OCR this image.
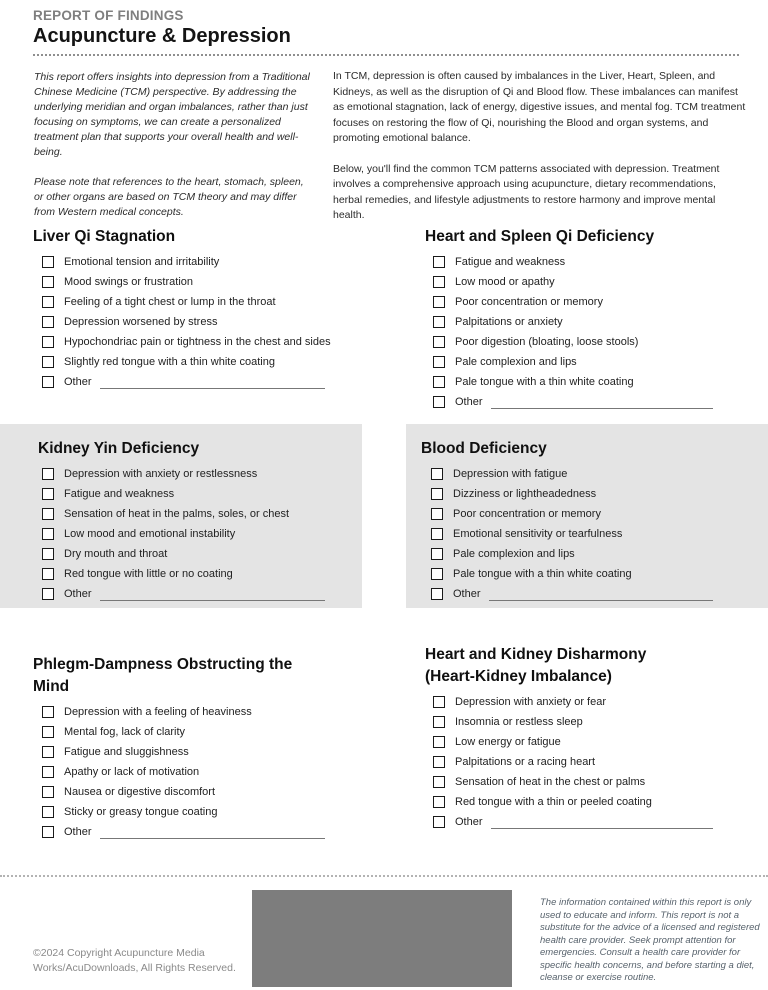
REPORT OF FINDINGS
Acupuncture & Depression

This report offers insights into depression from a Traditional Chinese Medicine (TCM) perspective. By addressing the underlying meridian and organ imbalances, rather than just focusing on symptoms, we can create a personalized treatment plan that supports your overall health and well-being.

Please note that references to the heart, stomach, spleen, or other organs are based on TCM theory and may differ from Western medical concepts.

In TCM, depression is often caused by imbalances in the Liver, Heart, Spleen, and Kidneys, as well as the disruption of Qi and Blood flow. These imbalances can manifest as emotional stagnation, lack of energy, digestive issues, and mental fog. TCM treatment focuses on restoring the flow of Qi, nourishing the Blood and organ systems, and promoting emotional balance.

Below, you'll find the common TCM patterns associated with depression. Treatment involves a comprehensive approach using acupuncture, dietary recommendations, herbal remedies, and lifestyle adjustments to restore harmony and improve mental health.

Liver Qi Stagnation
Emotional tension and irritability
Mood swings or frustration
Feeling of a tight chest or lump in the throat
Depression worsened by stress
Hypochondriac pain or tightness in the chest and sides
Slightly red tongue with a thin white coating
Other
Heart and Spleen Qi Deficiency
Fatigue and weakness
Low mood or apathy
Poor concentration or memory
Palpitations or anxiety
Poor digestion (bloating, loose stools)
Pale complexion and lips
Pale tongue with a thin white coating
Other
Kidney Yin Deficiency
Depression with anxiety or restlessness
Fatigue and weakness
Sensation of heat in the palms, soles, or chest
Low mood and emotional instability
Dry mouth and throat
Red tongue with little or no coating
Other
Blood Deficiency
Depression with fatigue
Dizziness or lightheadedness
Poor concentration or memory
Emotional sensitivity or tearfulness
Pale complexion and lips
Pale tongue with a thin white coating
Other
Phlegm-Dampness Obstructing the Mind
Depression with a feeling of heaviness
Mental fog, lack of clarity
Fatigue and sluggishness
Apathy or lack of motivation
Nausea or digestive discomfort
Sticky or greasy tongue coating
Other
Heart and Kidney Disharmony
(Heart-Kidney Imbalance)
Depression with anxiety or fear
Insomnia or restless sleep
Low energy or fatigue
Palpitations or a racing heart
Sensation of heat in the chest or palms
Red tongue with a thin or peeled coating
Other
©2024 Copyright Acupuncture Media Works/AcuDownloads, All Rights Reserved.
The information contained within this report is only used to educate and inform. This report is not a substitute for the advice of a licensed and registered health care provider. Seek prompt attention for emergencies. Consult a health care provider for specific health concerns, and before starting a diet, cleanse or exercise routine.
